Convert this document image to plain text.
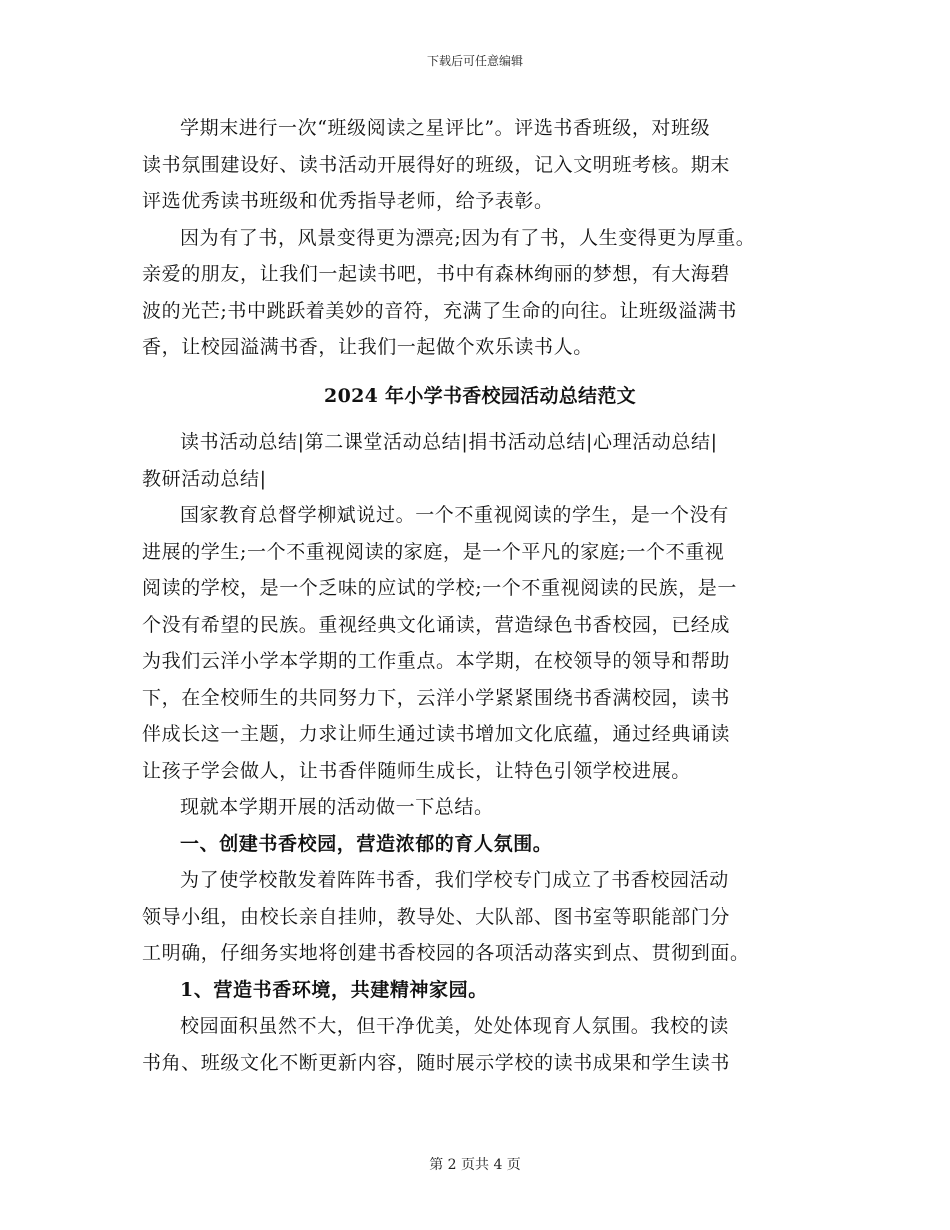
下载后可任意编辑
学期末进行一次“班级阅读之星评比”。评选书香班级，对班级
读书氛围建设好、读书活动开展得好的班级，记入文明班考核。期末
评选优秀读书班级和优秀指导老师，给予表彰。
因为有了书，风景变得更为漂亮;因为有了书，人生变得更为厚重。
亲爱的朋友，让我们一起读书吧，书中有森林绚丽的梦想，有大海碧
波的光芒;书中跳跃着美妙的音符，充满了生命的向往。让班级溢满书
香，让校园溢满书香，让我们一起做个欢乐读书人。
2024 年小学书香校园活动总结范文
读书活动总结|第二课堂活动总结|捐书活动总结|心理活动总结|
教研活动总结|
国家教育总督学柳斌说过。一个不重视阅读的学生，是一个没有
进展的学生;一个不重视阅读的家庭，是一个平凡的家庭;一个不重视
阅读的学校，是一个乏味的应试的学校;一个不重视阅读的民族，是一
个没有希望的民族。重视经典文化诵读，营造绿色书香校园，已经成
为我们云洋小学本学期的工作重点。本学期，在校领导的领导和帮助
下，在全校师生的共同努力下，云洋小学紧紧围绕书香满校园，读书
伴成长这一主题，力求让师生通过读书增加文化底蕴，通过经典诵读
让孩子学会做人，让书香伴随师生成长，让特色引领学校进展。
现就本学期开展的活动做一下总结。
一、创建书香校园，营造浓郁的育人氛围。
为了使学校散发着阵阵书香，我们学校专门成立了书香校园活动
领导小组，由校长亲自挂帅，教导处、大队部、图书室等职能部门分
工明确，仔细务实地将创建书香校园的各项活动落实到点、贯彻到面。
1、营造书香环境，共建精神家园。
校园面积虽然不大，但干净优美，处处体现育人氛围。我校的读
书角、班级文化不断更新内容，随时展示学校的读书成果和学生读书
第 2 页共 4 页
